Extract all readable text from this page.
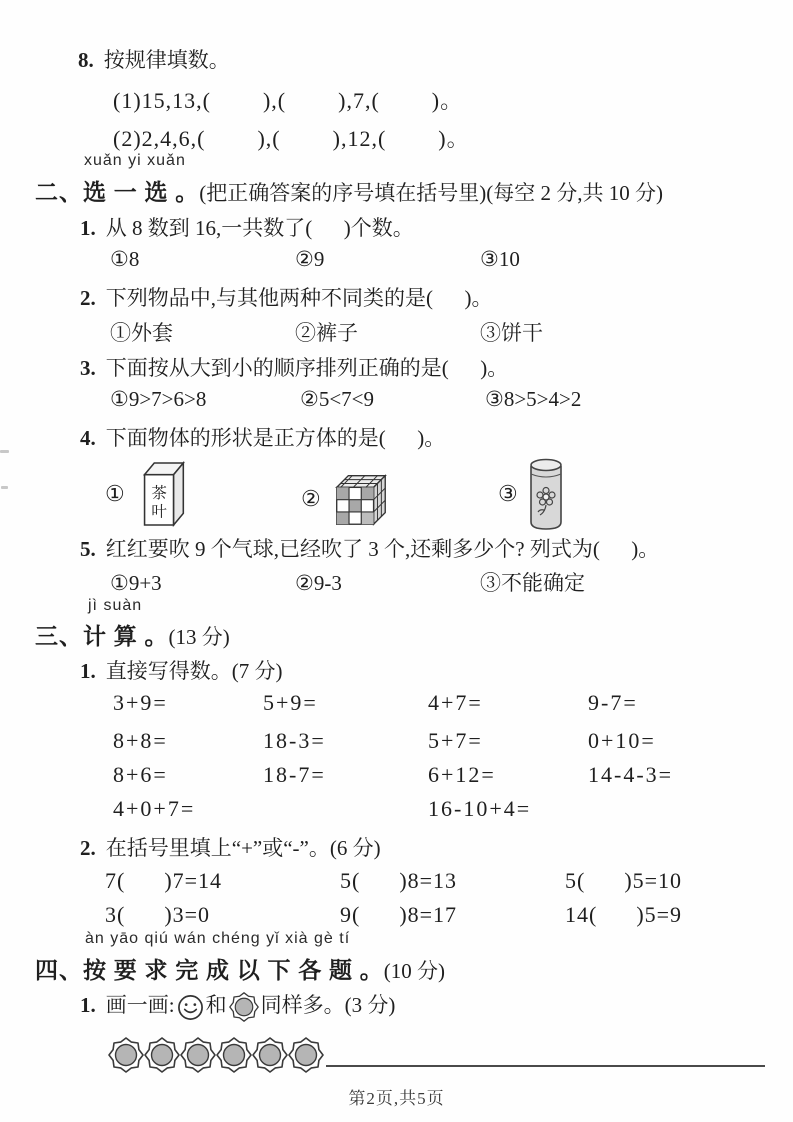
8. 按规律填数。
(1)15,13,(        ),(        ),7,(        )。
(2)2,4,6,(        ),(        ),12,(        )。
xuǎn yi xuǎn
二、选 一 选 。(把正确答案的序号填在括号里)(每空 2 分,共 10 分)
1. 从 8 数到 16,一共数了(      )个数。
①8	②9	③10
2. 下列物品中,与其他两种不同类的是(      )。
①外套	②裤子	③饼干
3. 下面按从大到小的顺序排列正确的是(      )。
①9>7>6>8	②5<7<9	③8>5>4>2
4. 下面物体的形状是正方体的是(      )。
① 茶
叶
②	③
5. 红红要吹 9 个气球,已经吹了 3 个,还剩多少个? 列式为(      )。
①9+3	②9-3	③不能确定
jì suàn
三、计 算 。(13 分)
1. 直接写得数。(7 分)
3+9=	5+9=	4+7=	9-7=
8+8=	18-3=	5+7=	0+10=
8+6=	18-7=	6+12=	14-4-3=
4+0+7=	16-10+4=
2. 在括号里填上“+”或“-”。(6 分)
7(      )7=14	5(      )8=13	5(      )5=10
3(      )3=0	9(      )8=17	14(      )5=9
àn yāo qiú wán chéng yǐ xià gè tí
四、按 要 求 完 成 以 下 各 题 。(10 分)
1. 画一画: 和 同样多。(3 分)
第2页,共5页
